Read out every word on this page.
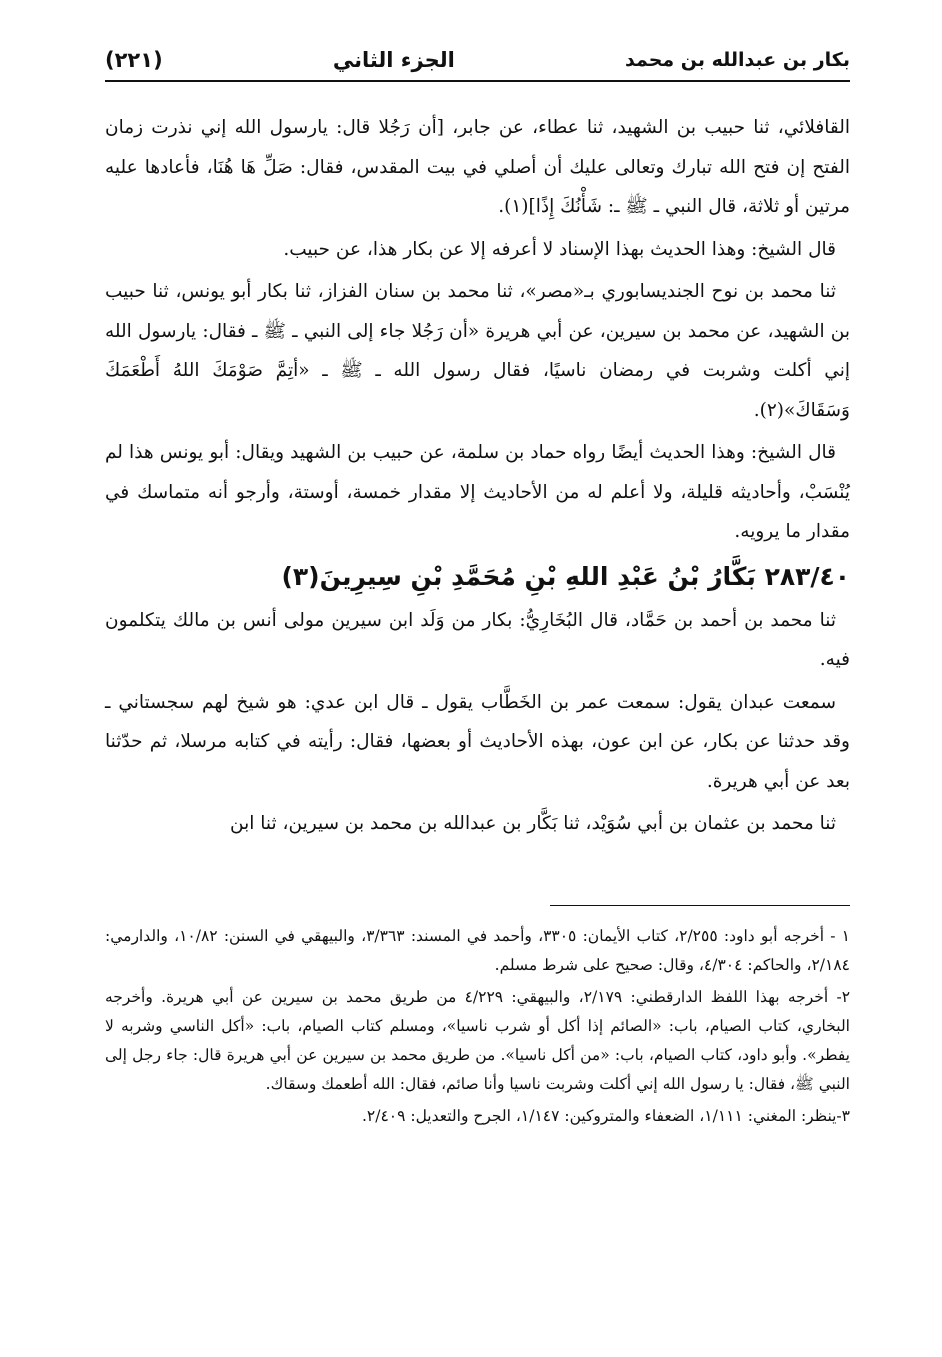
بكار بن عبدالله بن محمد
الجزء الثاني
(٢٢١)

القافلائي، ثنا حبيب بن الشهيد، ثنا عطاء، عن جابر، [أن رَجُلا قال: يارسول الله إني نذرت زمان الفتح إن فتح الله تبارك وتعالى عليك أن أصلي في بيت المقدس، فقال: صَلِّ هَا هُنَا، فأعادها عليه مرتين أو ثلاثة، قال النبي ـ ﷺ ـ: شَأْنُكَ إِذًا](١).

قال الشيخ: وهذا الحديث بهذا الإسناد لا أعرفه إلا عن بكار هذا، عن حبيب.

ثنا محمد بن نوح الجنديسابوري بـ«مصر»، ثنا محمد بن سنان الفزاز، ثنا بكار أبو يونس، ثنا حبيب بن الشهيد، عن محمد بن سيرين، عن أبي هريرة «أن رَجُلا جاء إلى النبي ـ ﷺ ـ فقال: يارسول الله إني أكلت وشربت في رمضان ناسيًا، فقال رسول الله ـ ﷺ ـ «أتِمَّ صَوْمَكَ اللهُ أَطْعَمَكَ وَسَقَاكَ»(٢).

قال الشيخ: وهذا الحديث أيضًا رواه حماد بن سلمة، عن حبيب بن الشهيد ويقال: أبو يونس هذا لم يُنْسَبْ، وأحاديثه قليلة، ولا أعلم له من الأحاديث إلا مقدار خمسة، أوستة، وأرجو أنه متماسك في مقدار ما يرويه.

٢٨٣/٤٠ بَكَّارُ بْنُ عَبْدِ اللهِ بْنِ مُحَمَّدِ بْنِ سِيرِينَ(٣)

ثنا محمد بن أحمد بن حَمَّاد، قال البُخَارِيُّ: بكار من وَلَد ابن سيرين مولى أنس بن مالك يتكلمون فيه.

سمعت عبدان يقول: سمعت عمر بن الخَطَّاب يقول ـ قال ابن عدي: هو شيخ لهم سجستاني ـ وقد حدثنا عن بكار، عن ابن عون، بهذه الأحاديث أو بعضها، فقال: رأيته في كتابه مرسلا، ثم حدّثنا بعد عن أبي هريرة.

ثنا محمد بن عثمان بن أبي سُوَيْد، ثنا بَكَّار بن عبدالله بن محمد بن سيرين، ثنا ابن

١ - أخرجه أبو داود: ٢/٢٥٥، كتاب الأيمان: ٣٣٠٥، وأحمد في المسند: ٣/٣٦٣، والبيهقي في السنن: ١٠/٨٢، والدارمي: ٢/١٨٤، والحاكم: ٤/٣٠٤، وقال: صحيح على شرط مسلم.

٢- أخرجه بهذا اللفظ الدارقطني: ٢/١٧٩، والبيهقي: ٤/٢٢٩ من طريق محمد بن سيرين عن أبي هريرة. وأخرجه البخاري، كتاب الصيام، باب: «الصائم إذا أكل أو شرب ناسيا»، ومسلم كتاب الصيام، باب: «أكل الناسي وشربه لا يفطر». وأبو داود، كتاب الصيام، باب: «من أكل ناسيا». من طريق محمد بن سيرين عن أبي هريرة قال: جاء رجل إلى النبي ﷺ، فقال: يا رسول الله إني أكلت وشربت ناسيا وأنا صائم، فقال: الله أطعمك وسقاك.

٣-ينظر: المغني: ١/١١١، الضعفاء والمتروكين: ١/١٤٧، الجرح والتعديل: ٢/٤٠٩.
